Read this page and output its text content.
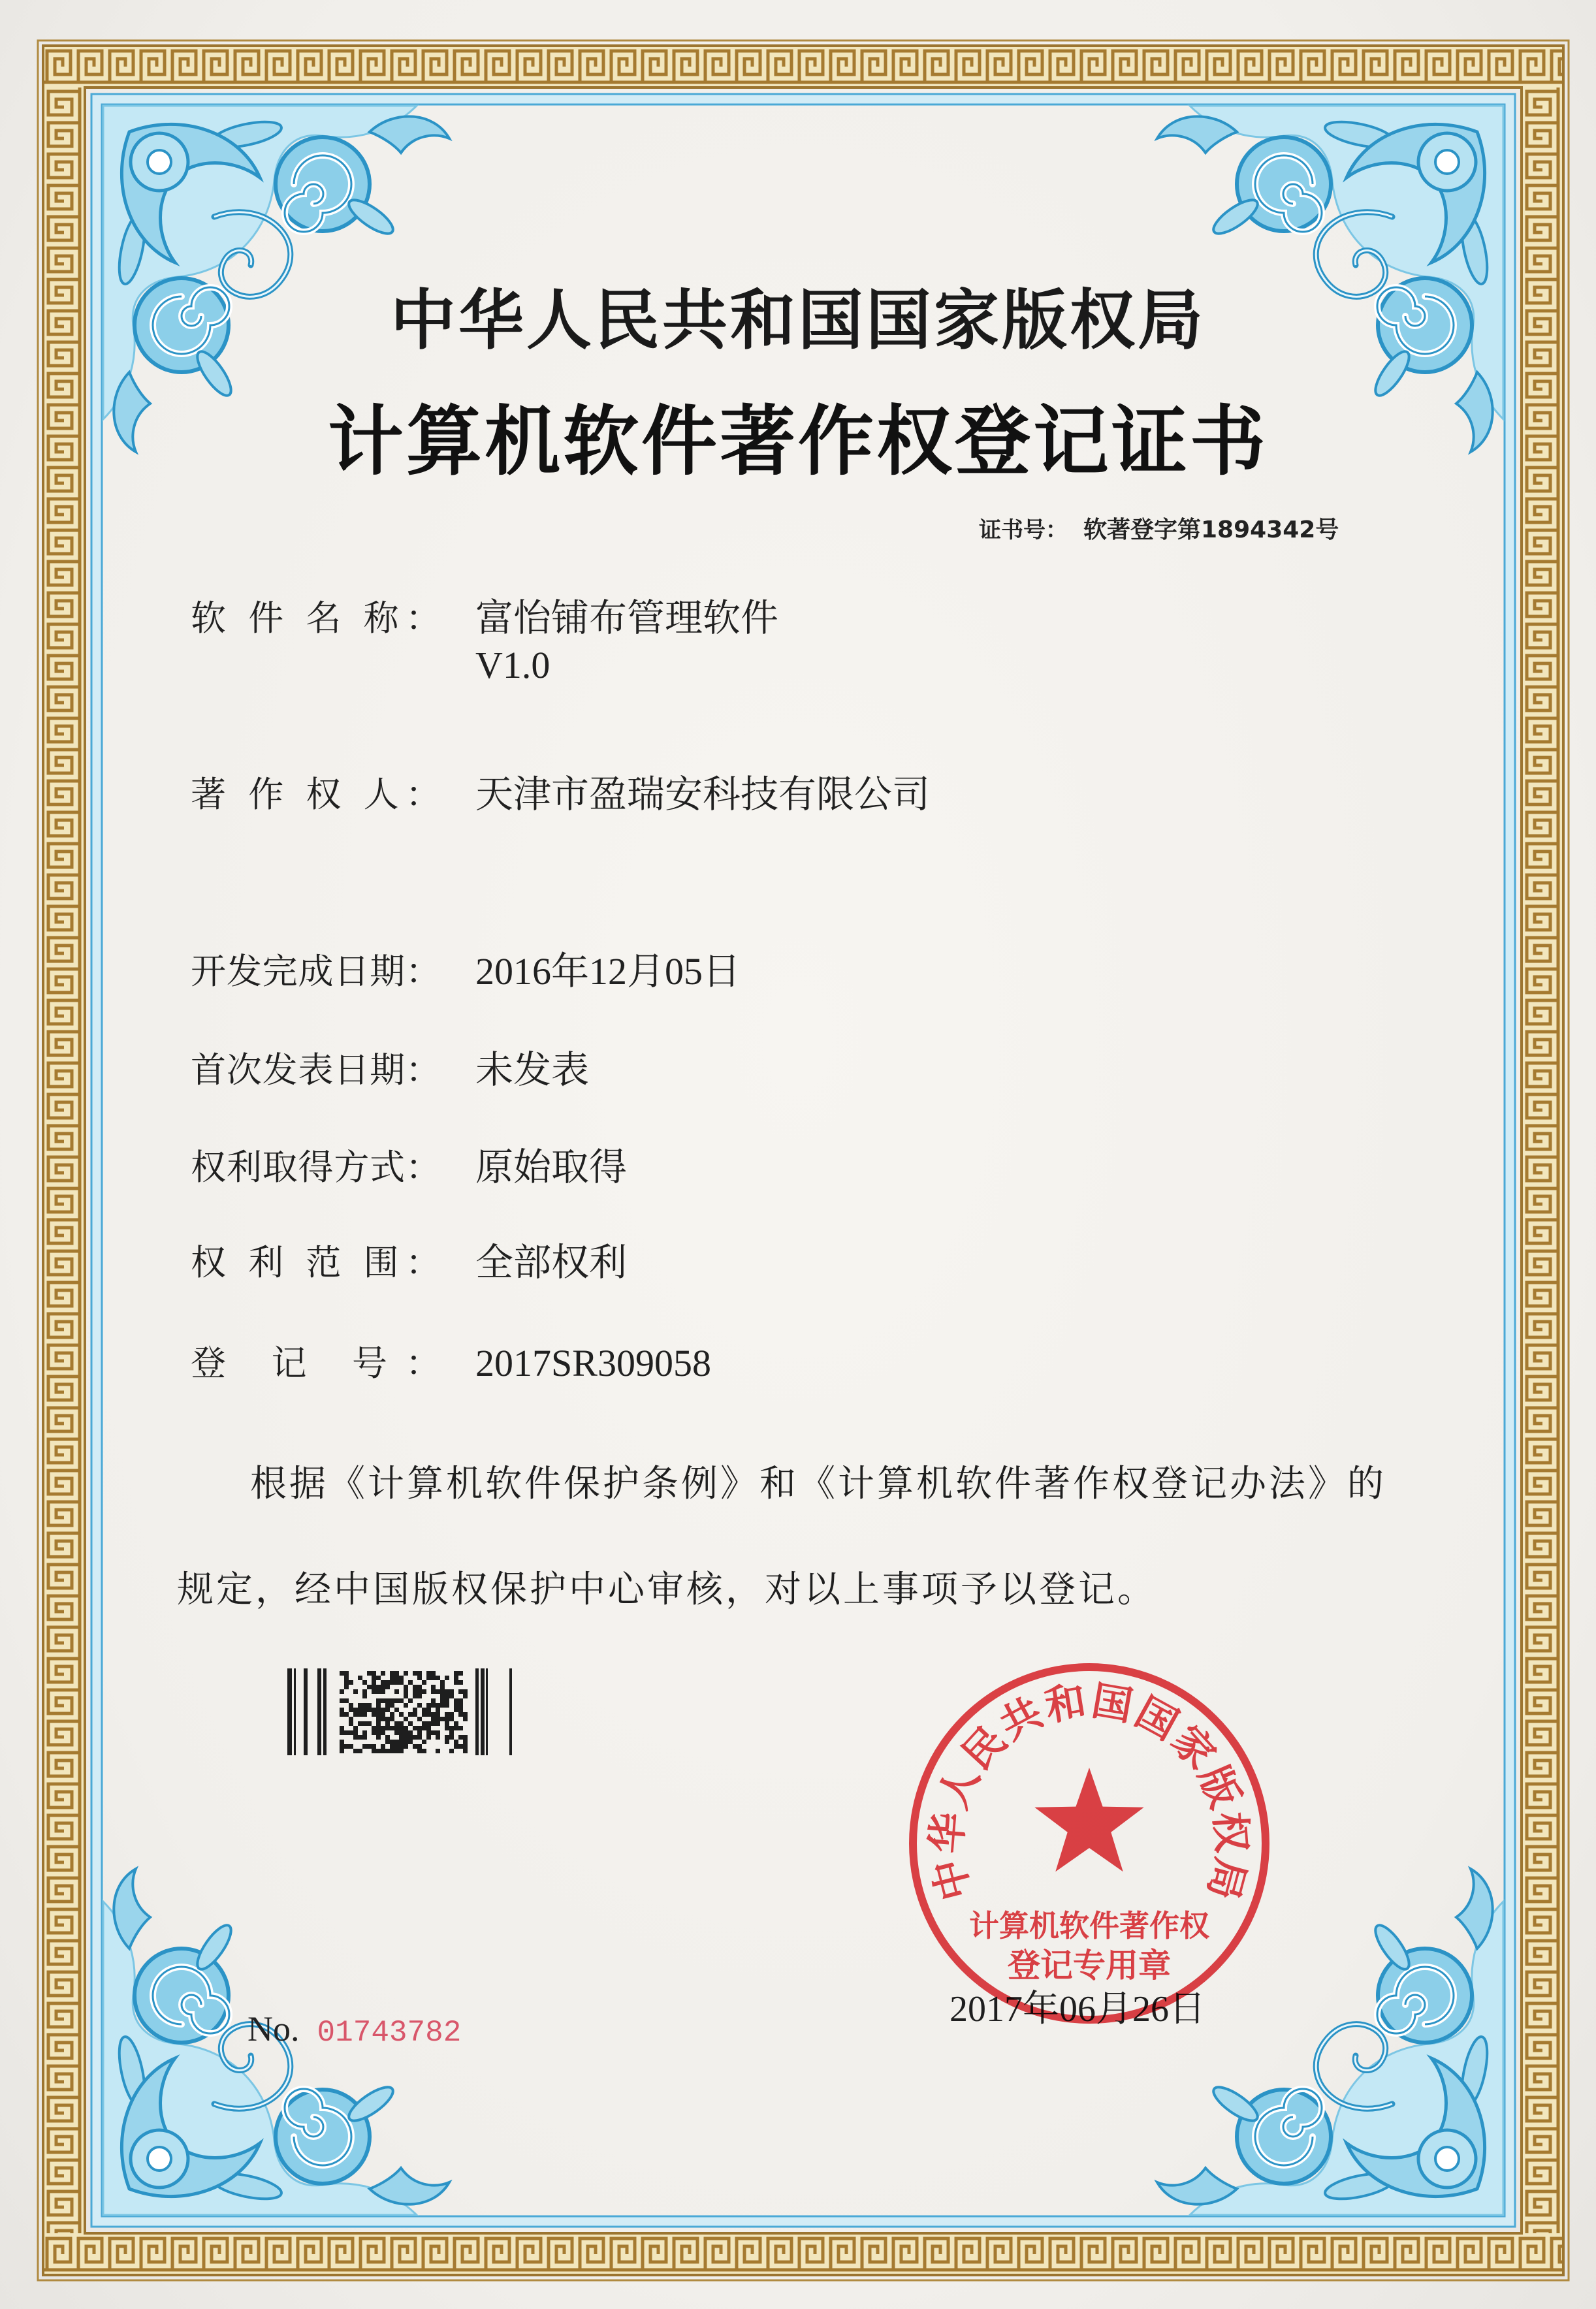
中华人民共和国国家版权局
计算机软件著作权登记证书
证书号： 软著登字第1894342号
软 件 名 称： 富怡铺布管理软件
V1.0
著 作 权 人： 天津市盈瑞安科技有限公司
开发完成日期： 2016年12月05日
首次发表日期： 未发表
权利取得方式： 原始取得
权 利 范 围： 全部权利
登 记 号： 2017SR309058
根据《计算机软件保护条例》和《计算机软件著作权登记办法》的
规定，经中国版权保护中心审核，对以上事项予以登记。
2017年06月26日
中华人民共和国国家版权局
计算机软件著作权
登记专用章
No. 01743782
